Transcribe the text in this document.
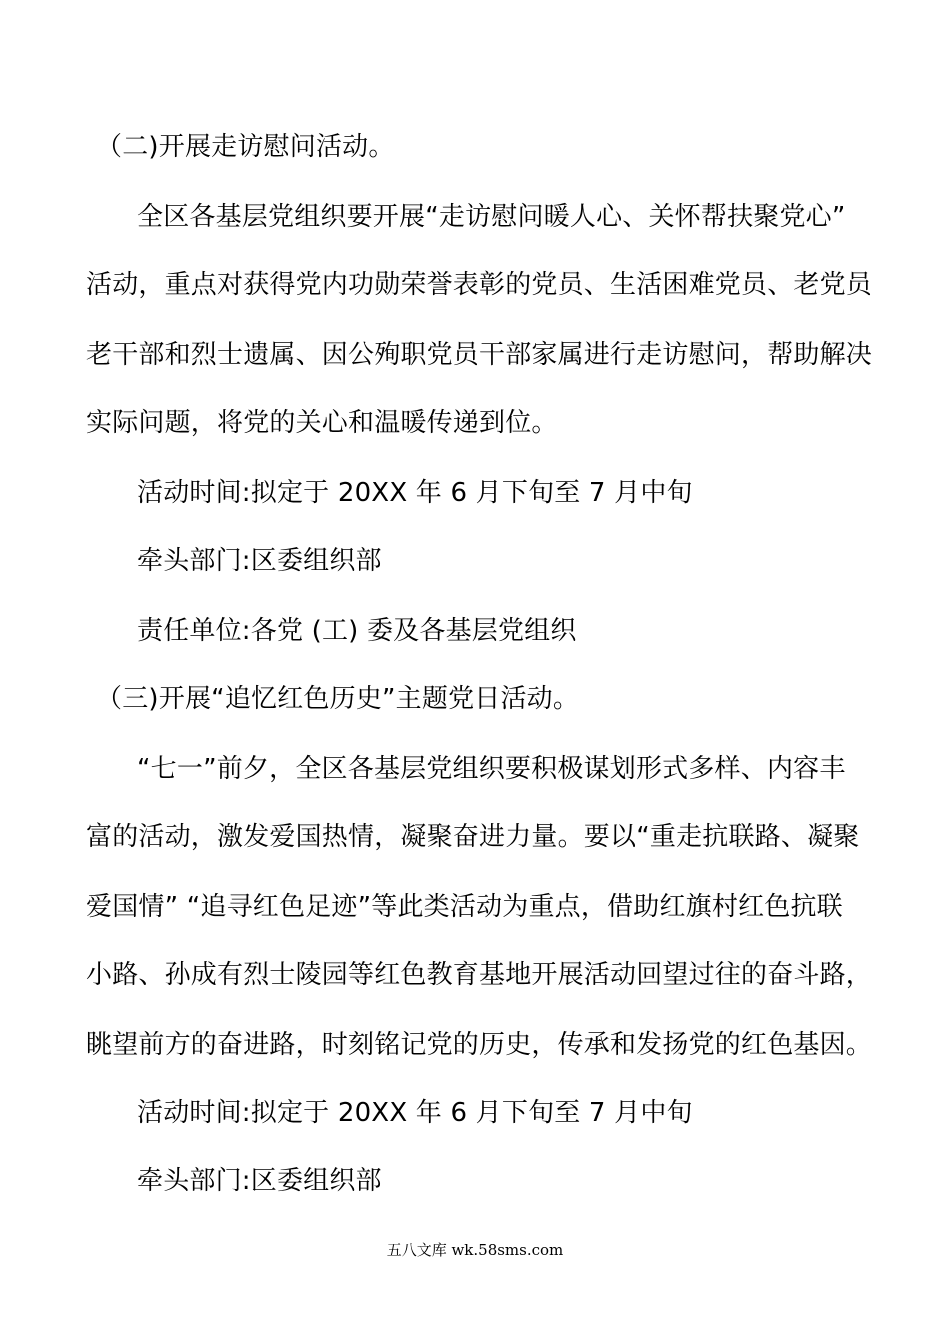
（二)开展走访慰问活动。
全区各基层党组织要开展“走访慰问暖人心、关怀帮扶聚党心”
活动，重点对获得党内功勋荣誉表彰的党员、生活困难党员、老党员
老干部和烈士遗属、因公殉职党员干部家属进行走访慰问，帮助解决
实际问题，将党的关心和温暖传递到位。
活动时间:拟定于 20XX 年 6 月下旬至 7 月中旬
牵头部门:区委组织部
责任单位:各党 (工) 委及各基层党组织
（三)开展“追忆红色历史”主题党日活动。
“七一”前夕，全区各基层党组织要积极谋划形式多样、内容丰
富的活动，激发爱国热情，凝聚奋进力量。要以“重走抗联路、凝聚
爱国情” “追寻红色足迹”等此类活动为重点，借助红旗村红色抗联
小路、孙成有烈士陵园等红色教育基地开展活动回望过往的奋斗路，
眺望前方的奋进路，时刻铭记党的历史，传承和发扬党的红色基因。
活动时间:拟定于 20XX 年 6 月下旬至 7 月中旬
牵头部门:区委组织部
五八文库 wk.58sms.com
